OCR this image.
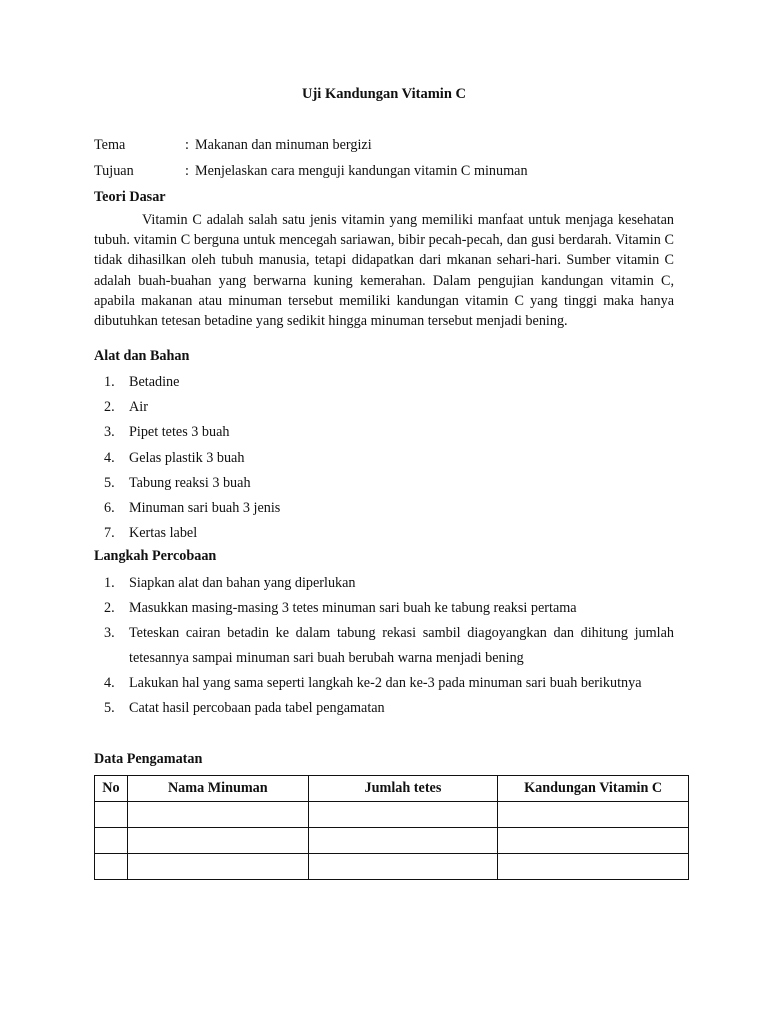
Uji Kandungan Vitamin C
Tema	: Makanan dan minuman bergizi
Tujuan	: Menjelaskan cara menguji kandungan vitamin C minuman
Teori Dasar

Vitamin C adalah salah satu jenis vitamin yang memiliki manfaat untuk menjaga kesehatan tubuh. vitamin C berguna untuk mencegah sariawan, bibir pecah-pecah, dan gusi berdarah. Vitamin C tidak dihasilkan oleh tubuh manusia, tetapi didapatkan dari mkanan sehari-hari. Sumber vitamin C adalah buah-buahan yang berwarna kuning kemerahan. Dalam pengujian kandungan vitamin C, apabila makanan atau minuman tersebut memiliki kandungan vitamin C yang tinggi maka hanya dibutuhkan tetesan betadine yang sedikit hingga minuman tersebut menjadi bening.

Alat dan Bahan
1. Betadine
2. Air
3. Pipet tetes 3 buah
4. Gelas plastik 3 buah
5. Tabung reaksi 3 buah
6. Minuman sari buah 3 jenis
7. Kertas label
Langkah Percobaan
1. Siapkan alat dan bahan yang diperlukan
2. Masukkan masing-masing 3 tetes minuman sari buah ke tabung reaksi pertama
3. Teteskan cairan betadin ke dalam tabung rekasi sambil diagoyangkan dan dihitung jumlah tetesannya sampai minuman sari buah berubah warna menjadi bening
4. Lakukan hal yang sama seperti langkah ke-2 dan ke-3 pada minuman sari buah berikutnya
5. Catat hasil percobaan pada tabel pengamatan
Data Pengamatan
No	Nama Minuman	Jumlah tetes	Kandungan Vitamin C
